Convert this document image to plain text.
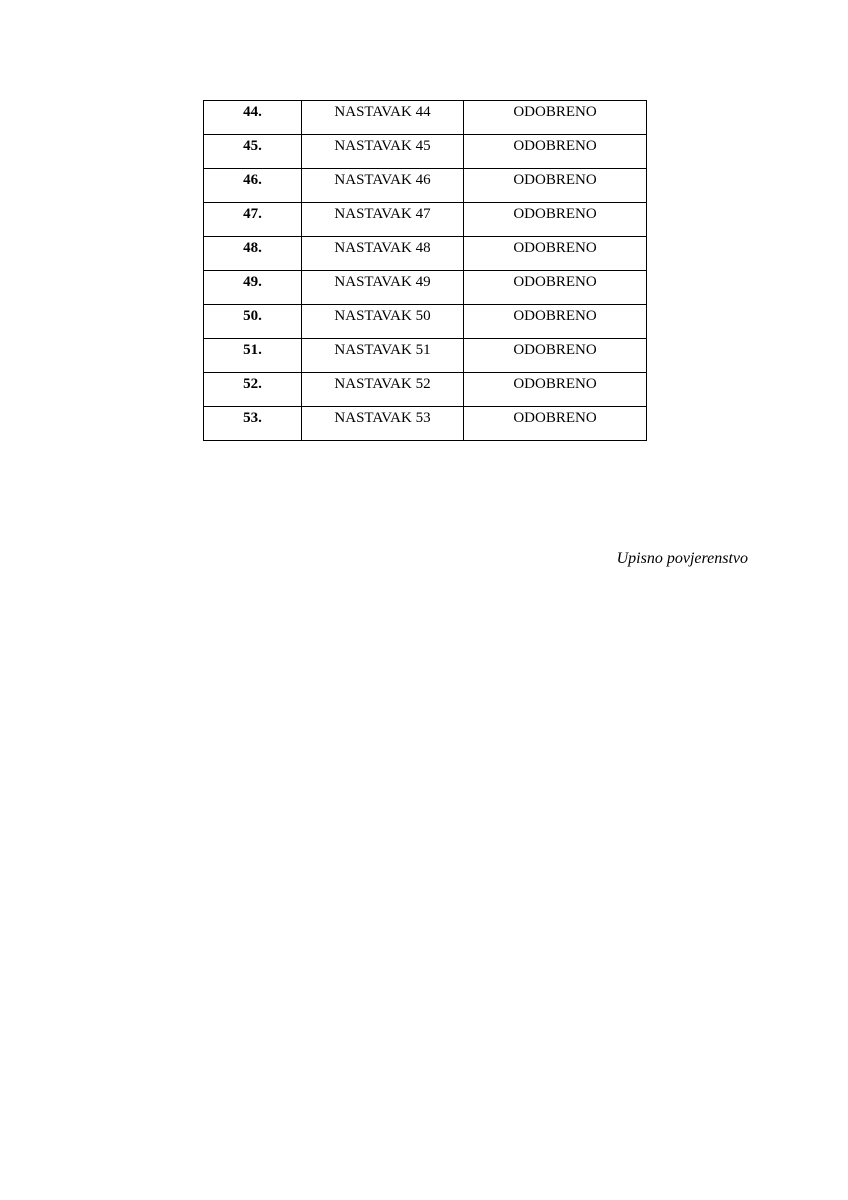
44.	NASTAVAK 44	ODOBRENO
45.	NASTAVAK 45	ODOBRENO
46.	NASTAVAK 46	ODOBRENO
47.	NASTAVAK 47	ODOBRENO
48.	NASTAVAK 48	ODOBRENO
49.	NASTAVAK 49	ODOBRENO
50.	NASTAVAK 50	ODOBRENO
51.	NASTAVAK 51	ODOBRENO
52.	NASTAVAK 52	ODOBRENO
53.	NASTAVAK 53	ODOBRENO
Upisno povjerenstvo
